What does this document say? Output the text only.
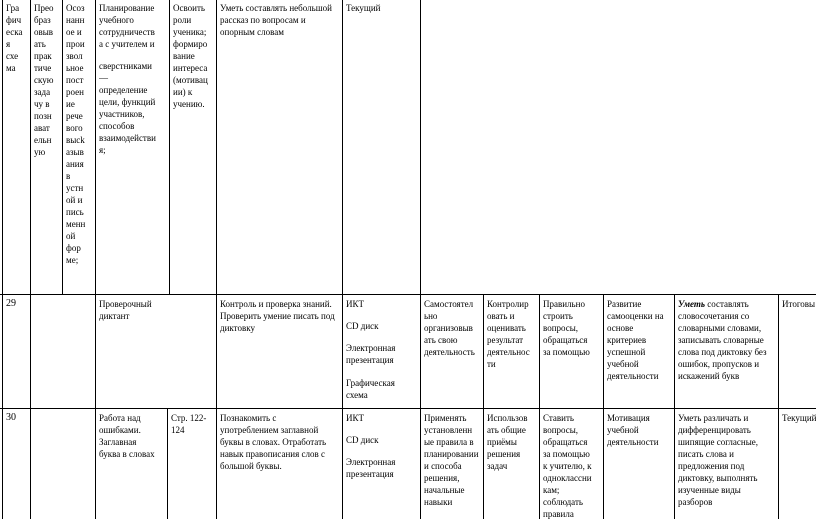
Гра
фич
еска
я
схе
ма
Прео
браз
овыв
ать
прак
тиче
скую
зада
чу в
позн
ават
ельн
ую
Осоз
нанн
ое и
прои
звол
ьное
пост
роен
ие
рече
вого
высk
азыв
ания
в
устн
ой и
пись
менн
ой
фор
ме;
Планирование
учебного
сотрудничеств
а с учителем и
сверстниками
—
определение
цели, функций
участников,
способов
взаимодействи
я;
Освоить
роли
ученика;
формиро
вание
интереса
(мотивац
ии) к
учению.
Уметь составлять небольшой
рассказ по вопросам и
опорным словам
Текущий
29	Проверочный
диктант
Контроль и проверка знаний.
Проверить умение писать под
диктовку
ИКТ
CD диск
Электронная
презентация
Графическая
схема
Самостоятел
ьно
организовыв
ать свою
деятельность
Контролир
овать и
оценивать
результат
деятельнос
ти
Правильно
строить
вопросы,
обращаться
за помощью
Развитие
самооценки на
основе
критериев
успешной
учебной
деятельности
Уметь составлять
словосочетания со
словарными словами,
записывать словарные
слова под диктовку без
ошибок, пропусков и
искажений букв
Итоговы
30	Работа над
ошибками.
Заглавная
буква в словах
Стр. 122-
124
Познакомить с
употреблением заглавной
буквы в словах. Отработать
навык правописания слов с
большой буквы.
ИКТ
CD диск
Электронная
презентация
Применять
установленн
ые правила в
планировании
и способа
решения,
начальные
навыки
Использов
ать общие
приёмы
решения
задач
Ставить
вопросы,
обращаться
за помощью
к учителю, к
одноклассни
кам;
соблюдать
правила
Мотивация
учебной
деятельности
Уметь различать и
дифференцировать
шипящие согласные,
писать слова и
предложения под
диктовку, выполнять
изученные виды
разборов
Текущий
